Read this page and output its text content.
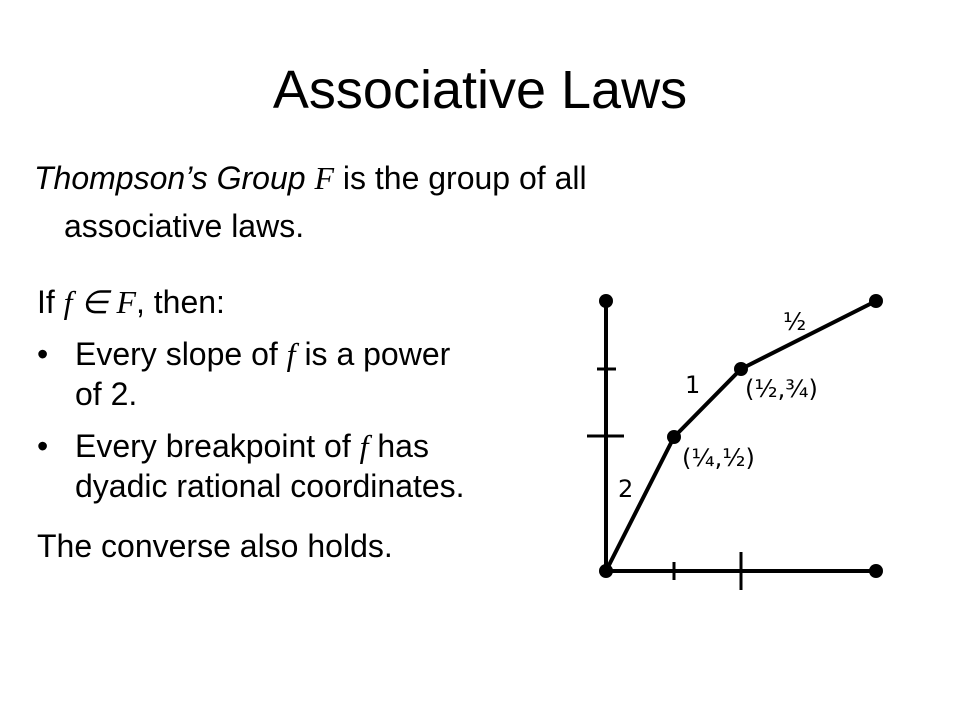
Associative Laws
Thompson’s Group F is the group of all
associative laws.

If f ∈ F, then:

• Every slope of f is a power
of 2.

• Every breakpoint of f has
dyadic rational coordinates.

The converse also holds.

2
1
½
(¼,½)
(½,¾)
